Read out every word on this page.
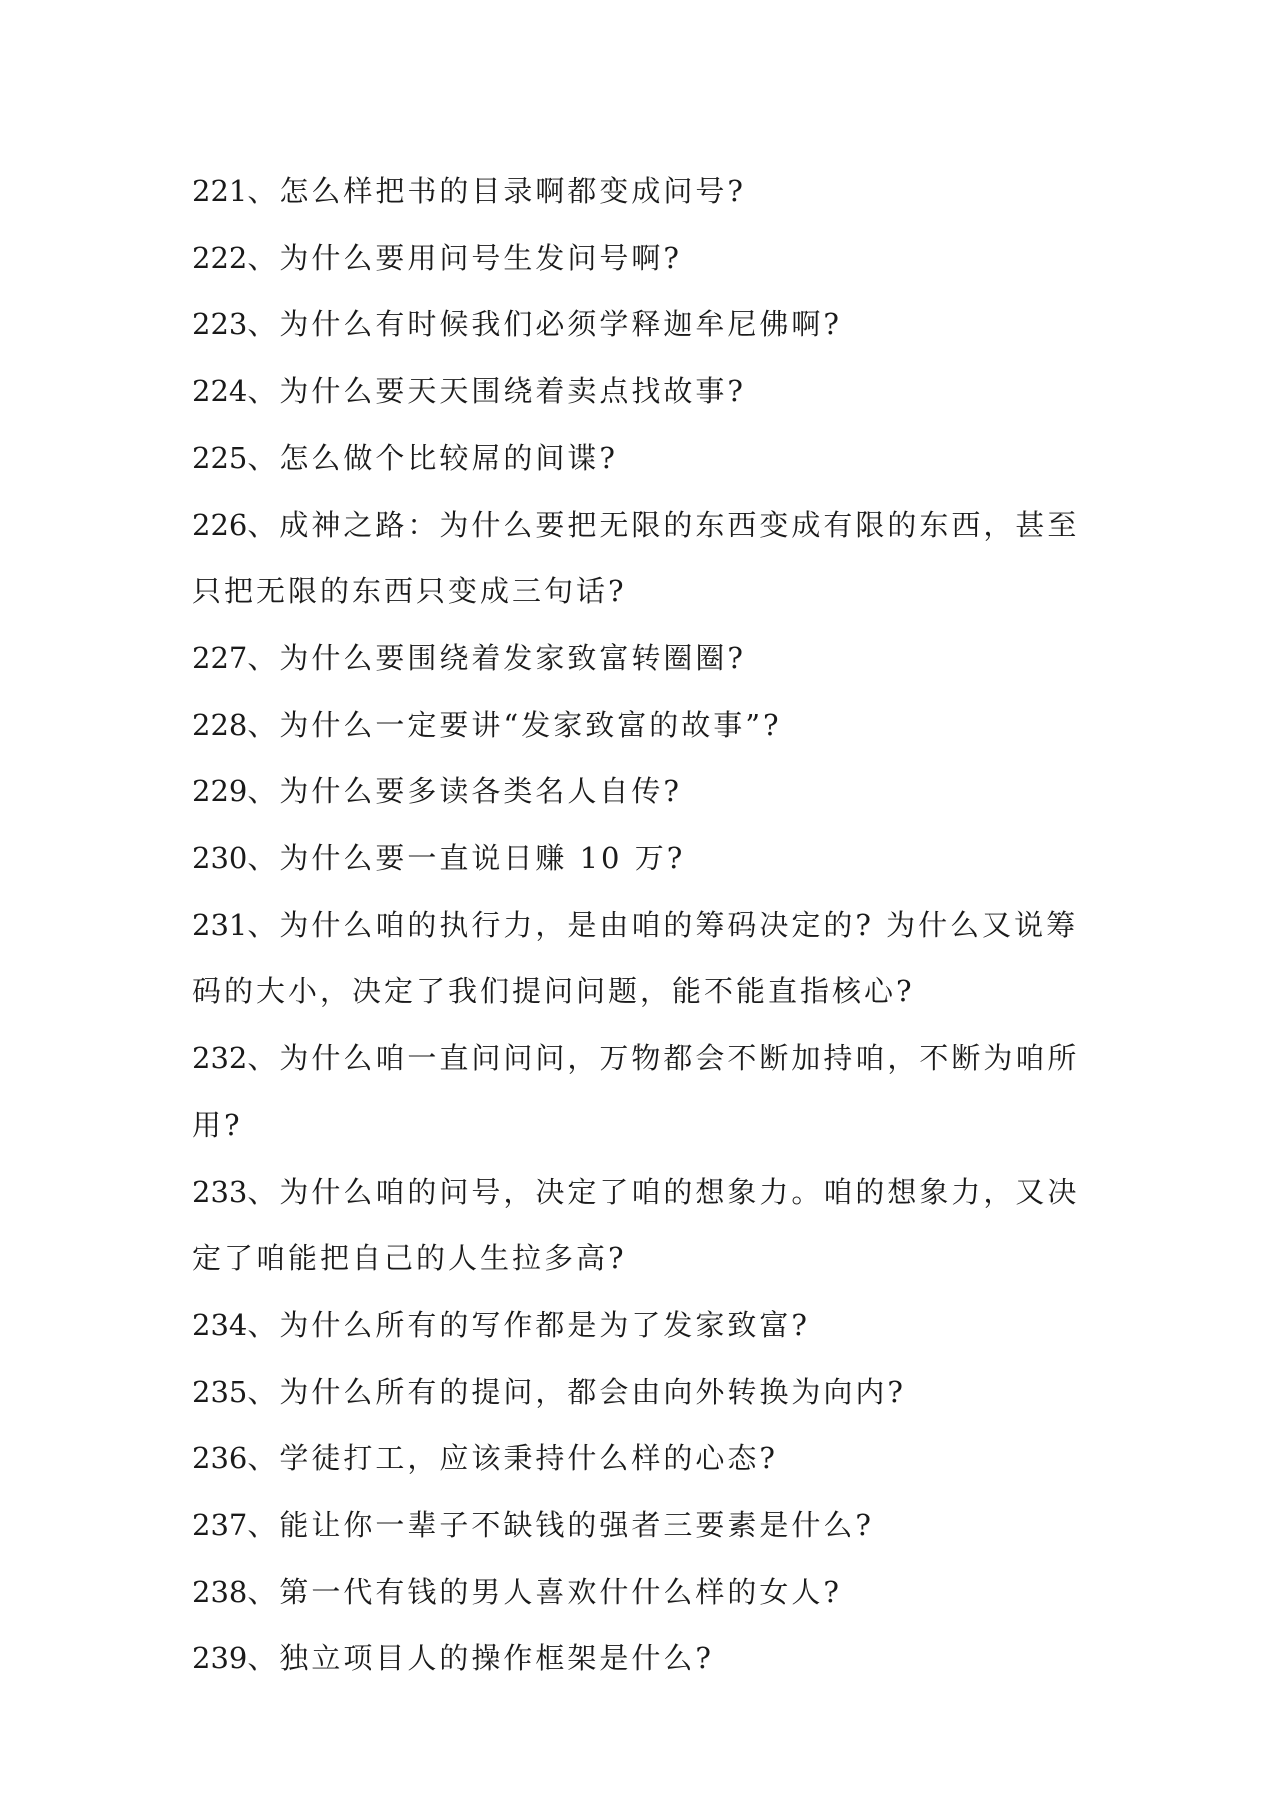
221、怎么样把书的目录啊都变成问号?
222、为什么要用问号生发问号啊?
223、为什么有时候我们必须学释迦牟尼佛啊?
224、为什么要天天围绕着卖点找故事?
225、怎么做个比较屌的间谍?
226、成神之路：为什么要把无限的东西变成有限的东西，甚至只把无限的东西只变成三句话?
227、为什么要围绕着发家致富转圈圈?
228、为什么一定要讲“发家致富的故事”?
229、为什么要多读各类名人自传?
230、为什么要一直说日赚 10 万?
231、为什么咱的执行力，是由咱的筹码决定的? 为什么又说筹码的大小，决定了我们提问问题，能不能直指核心?
232、为什么咱一直问问问，万物都会不断加持咱，不断为咱所用?
233、为什么咱的问号，决定了咱的想象力。咱的想象力，又决定了咱能把自己的人生拉多高?
234、为什么所有的写作都是为了发家致富?
235、为什么所有的提问，都会由向外转换为向内?
236、学徒打工，应该秉持什么样的心态?
237、能让你一辈子不缺钱的强者三要素是什么?
238、第一代有钱的男人喜欢什什么样的女人?
239、独立项目人的操作框架是什么?
